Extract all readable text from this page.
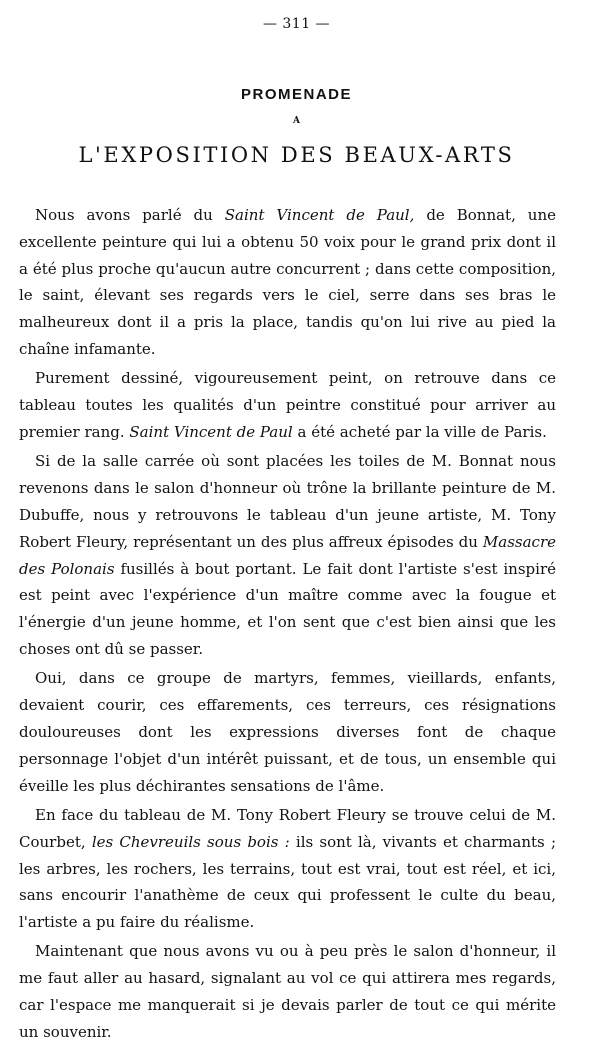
— 311 —
PROMENADE
A
L'EXPOSITION DES BEAUX-ARTS

Nous avons parlé du Saint Vincent de Paul, de Bonnat, une excellente peinture qui lui a obtenu 50 voix pour le grand prix dont il a été plus proche qu'aucun autre concurrent ; dans cette composition, le saint, élevant ses regards vers le ciel, serre dans ses bras le malheureux dont il a pris la place, tandis qu'on lui rive au pied la chaîne infamante.

Purement dessiné, vigoureusement peint, on retrouve dans ce tableau toutes les qualités d'un peintre constitué pour arriver au premier rang. Saint Vincent de Paul a été acheté par la ville de Paris.

Si de la salle carrée où sont placées les toiles de M. Bonnat nous revenons dans le salon d'honneur où trône la brillante peinture de M. Dubuffe, nous y retrouvons le tableau d'un jeune artiste, M. Tony Robert Fleury, représentant un des plus affreux épisodes du Massacre des Polonais fusillés à bout portant. Le fait dont l'artiste s'est inspiré est peint avec l'expérience d'un maître comme avec la fougue et l'énergie d'un jeune homme, et l'on sent que c'est bien ainsi que les choses ont dû se passer.

Oui, dans ce groupe de martyrs, femmes, vieillards, enfants, devaient courir, ces effarements, ces terreurs, ces résignations douloureuses dont les expressions diverses font de chaque personnage l'objet d'un intérêt puissant, et de tous, un ensemble qui éveille les plus déchirantes sensations de l'âme.

En face du tableau de M. Tony Robert Fleury se trouve celui de M. Courbet, les Chevreuils sous bois : ils sont là, vivants et charmants ; les arbres, les rochers, les terrains, tout est vrai, tout est réel, et ici, sans encourir l'anathème de ceux qui professent le culte du beau, l'artiste a pu faire du réalisme.

Maintenant que nous avons vu ou à peu près le salon d'honneur, il me faut aller au hasard, signalant au vol ce qui attirera mes regards, car l'espace me manquerait si je devais parler de tout ce qui mérite un souvenir.
